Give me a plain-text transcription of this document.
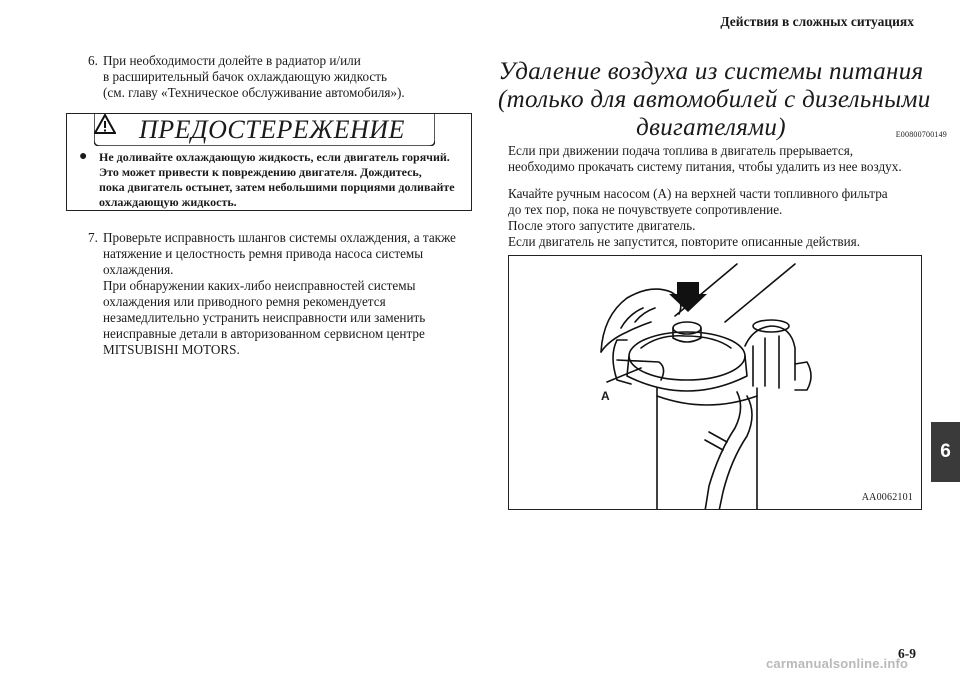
Действия в сложных ситуациях
6. При необходимости долейте в радиатор и/или
в расширительный бачок охлаждающую жидкость
(см. главу «Техническое обслуживание автомобиля»).
ПРЕДОСТЕРЕЖЕНИЕ
● Не доливайте охлаждающую жидкость, если двигатель горячий.
Это может привести к повреждению двигателя. Дождитесь,
пока двигатель остынет, затем небольшими порциями доливайте
охлаждающую жидкость.
7. Проверьте исправность шлангов системы охлаждения, а также
натяжение и целостность ремня привода насоса системы
охлаждения.
При обнаружении каких-либо неисправностей системы
охлаждения или приводного ремня рекомендуется
незамедлительно устранить неисправности или заменить
неисправные детали в авторизованном сервисном центре
MITSUBISHI MOTORS.
Удаление воздуха из системы питания
(только для автомобилей с дизельными
двигателями)	E00800700149
Если при движении подача топлива в двигатель прерывается,
необходимо прокачать систему питания, чтобы удалить из нее воздух.
Качайте ручным насосом (A) на верхней части топливного фильтра
до тех пор, пока не почувствуете сопротивление.
После этого запустите двигатель.
Если двигатель не запустится, повторите описанные действия.
A
AA0062101
6
6-9
carmanualsonline.info
